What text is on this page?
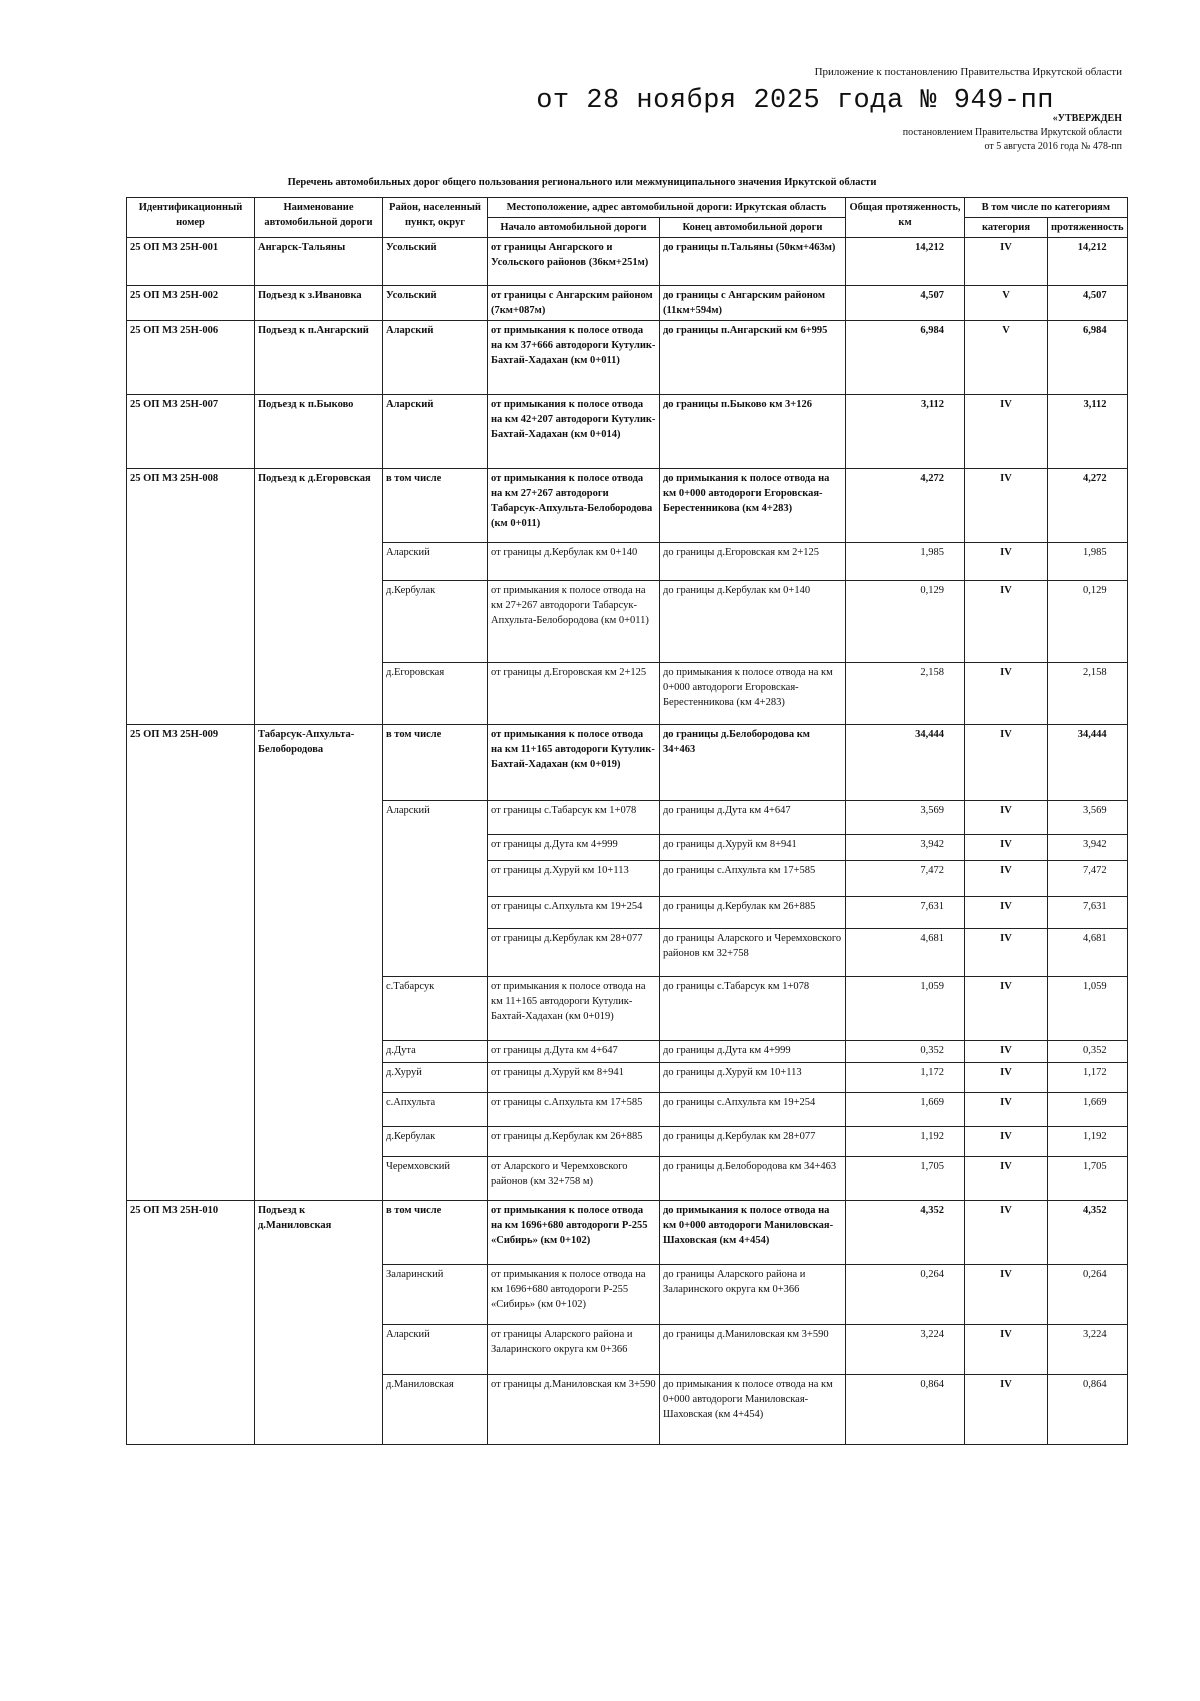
Приложение к постановлению Правительства Иркутской области
от 28 ноября 2025 года № 949-пп
«УТВЕРЖДЕН
постановлением Правительства Иркутской области
от 5 августа 2016 года № 478-пп
Перечень автомобильных дорог общего пользования регионального или межмуниципального значения Иркутской области
Идентификационный номер	Наименование автомобильной дороги	Район, населенный пункт, округ	Местоположение, адрес автомобильной дороги: Иркутская область		Общая протяженность, км	В том числе по категориям	
			Начало автомобильной дороги	Конец автомобильной дороги		категория	протяженность
25 ОП МЗ 25Н-001	Ангарск-Тальяны	Усольский	от границы Ангарского и Усольского районов (36км+251м)	до границы п.Тальяны (50км+463м)	14,212	IV	14,212
25 ОП МЗ 25Н-002	Подъезд к з.Ивановка	Усольский	от границы с Ангарским районом (7км+087м)	до границы с Ангарским районом (11км+594м)	4,507	V	4,507
25 ОП МЗ 25Н-006	Подъезд к п.Ангарский	Аларский	от примыкания к полосе отвода на км 37+666 автодороги Кутулик-Бахтай-Хадахан (км 0+011)	до границы п.Ангарский км 6+995	6,984	V	6,984
25 ОП МЗ 25Н-007	Подъезд к п.Быково	Аларский	от примыкания к полосе отвода на км 42+207 автодороги Кутулик-Бахтай-Хадахан (км 0+014)	до границы п.Быково км 3+126	3,112	IV	3,112
25 ОП МЗ 25Н-008	Подъезд к д.Егоровская	в том числе	от примыкания к полосе отвода на км 27+267 автодороги Табарсук-Апхульта-Белобородова (км 0+011)	до примыкания к полосе отвода на км 0+000 автодороги Егоровская-Берестенникова (км 4+283)	4,272	IV	4,272
		Аларский	от границы д.Кербулак км 0+140	до границы д.Егоровская км 2+125	1,985	IV	1,985
		д.Кербулак	от примыкания к полосе отвода на км 27+267 автодороги Табарсук-Апхульта-Белобородова (км 0+011)	до границы д.Кербулак км 0+140	0,129	IV	0,129
		д.Егоровская	от границы д.Егоровская км 2+125	до примыкания к полосе отвода на км 0+000 автодороги Егоровская-Берестенникова (км 4+283)	2,158	IV	2,158
25 ОП МЗ 25Н-009	Табарсук-Апхульта-Белобородова	в том числе	от примыкания к полосе отвода на км 11+165 автодороги Кутулик-Бахтай-Хадахан (км 0+019)	до границы д.Белобородова км 34+463	34,444	IV	34,444
		Аларский	от границы с.Табарсук км 1+078	до границы д.Дута км 4+647	3,569	IV	3,569
			от границы д.Дута км 4+999	до границы д.Хуруй км 8+941	3,942	IV	3,942
			от границы д.Хуруй км 10+113	до границы с.Апхульта км 17+585	7,472	IV	7,472
			от границы с.Апхульта км 19+254	до границы д.Кербулак км 26+885	7,631	IV	7,631
			от границы д.Кербулак км 28+077	до границы Аларского и Черемховского районов км 32+758	4,681	IV	4,681
		с.Табарсук	от примыкания к полосе отвода на км 11+165 автодороги Кутулик-Бахтай-Хадахан (км 0+019)	до границы с.Табарсук км 1+078	1,059	IV	1,059
		д.Дута	от границы д.Дута км 4+647	до границы д.Дута км 4+999	0,352	IV	0,352
		д.Хуруй	от границы д.Хуруй км 8+941	до границы д.Хуруй км 10+113	1,172	IV	1,172
		с.Апхульта	от границы с.Апхульта км 17+585	до границы с.Апхульта км 19+254	1,669	IV	1,669
		д.Кербулак	от границы д.Кербулак км 26+885	до границы д.Кербулак км 28+077	1,192	IV	1,192
		Черемховский	от Аларского и Черемховского районов (км 32+758 м)	до границы д.Белобородова км 34+463	1,705	IV	1,705
25 ОП МЗ 25Н-010	Подъезд к д.Маниловская	в том числе	от примыкания к полосе отвода на км 1696+680 автодороги Р-255 «Сибирь» (км 0+102)	до примыкания к полосе отвода на км 0+000 автодороги Маниловская-Шаховская (км 4+454)	4,352	IV	4,352
		Заларинский	от примыкания к полосе отвода на км 1696+680 автодороги Р-255 «Сибирь» (км 0+102)	до границы Аларского района и Заларинского округа км 0+366	0,264	IV	0,264
		Аларский	от границы Аларского района и Заларинского округа км 0+366	до границы д.Маниловская км 3+590	3,224	IV	3,224
		д.Маниловская	от границы д.Маниловская км 3+590	до примыкания к полосе отвода на км 0+000 автодороги Маниловская-Шаховская (км 4+454)	0,864	IV	0,864
